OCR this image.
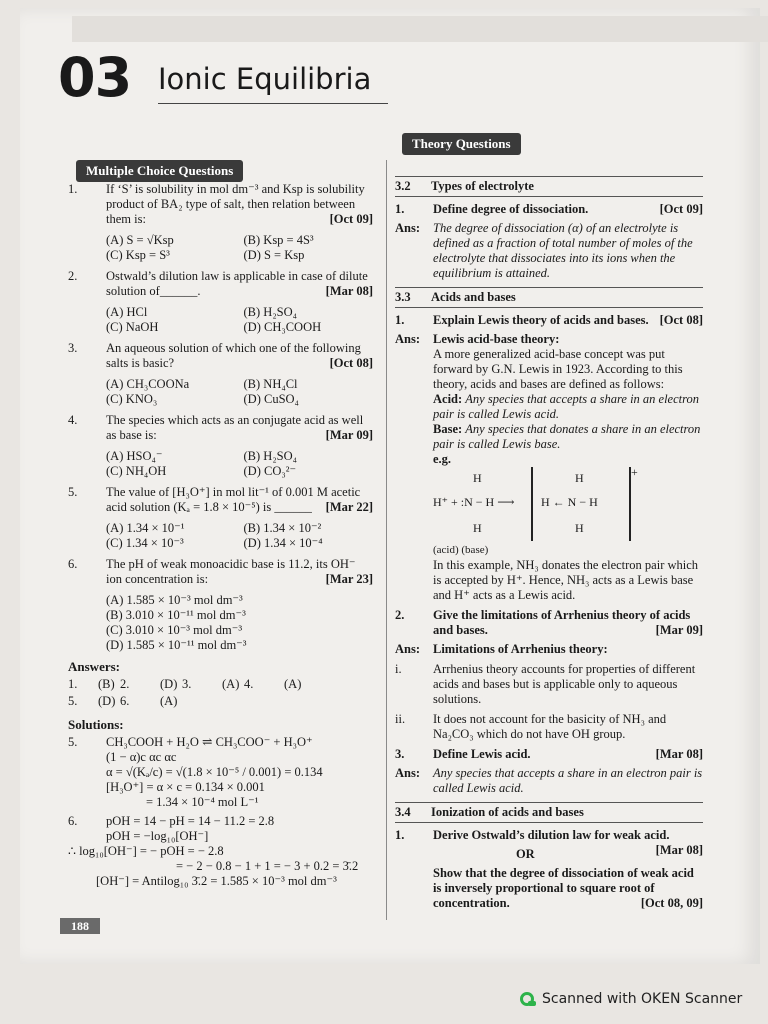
03 Ionic Equilibria
Multiple Choice Questions
Theory Questions
1. If ‘S’ is solubility in mol dm⁻³ and Ksp is solubility product of BA₂ type of salt, then relation between them is:	[Oct 09]
(A) S = √Ksp	(B) Ksp = 4S³
(C) Ksp = S³	(D) S = Ksp
2. Ostwald’s dilution law is applicable in case of dilute solution of______.	[Mar 08]
(A) HCl	(B) H₂SO₄
(C) NaOH	(D) CH₃COOH
3. An aqueous solution of which one of the following salts is basic?	[Oct 08]
(A) CH₃COONa	(B) NH₄Cl
(C) KNO₃	(D) CuSO₄
4. The species which acts as an conjugate acid as well as base is:	[Mar 09]
(A) HSO₄⁻	(B) H₂SO₄
(C) NH₄OH	(D) CO₃²⁻
5. The value of [H₃O⁺] in mol lit⁻¹ of 0.001 M acetic acid solution (Kₐ = 1.8 × 10⁻⁵) is ______ [Mar 22]
(A) 1.34 × 10⁻¹	(B) 1.34 × 10⁻²
(C) 1.34 × 10⁻³	(D) 1.34 × 10⁻⁴
6. The pH of weak monoacidic base is 11.2, its OH⁻ ion concentration is:	[Mar 23]
(A) 1.585 × 10⁻³ mol dm⁻³
(B) 3.010 × 10⁻¹¹ mol dm⁻³
(C) 3.010 × 10⁻³ mol dm⁻³
(D) 1.585 × 10⁻¹¹ mol dm⁻³
Answers:
1.	(B) 2.	(D) 3.	(A) 4.	(A)
5.	(D) 6.	(A)
Solutions:
5. CH₃COOH + H₂O ⇌ CH₃COO⁻ + H₃O⁺
(1 − α)c αc αc
α = √(Kₐ/c) = √(1.8 × 10⁻⁵ / 0.001) = 0.134
[H₃O⁺] = α × c = 0.134 × 0.001
= 1.34 × 10⁻⁴ mol L⁻¹
6. pOH = 14 − pH = 14 − 11.2 = 2.8
pOH = −log₁₀[OH⁻]
∴ log₁₀[OH⁻] = − pOH = − 2.8
= − 2 − 0.8 − 1 + 1 = − 3 + 0.2 = 3̄.2
[OH⁻] = Antilog₁₀ 3̄.2 = 1.585 × 10⁻³ mol dm⁻³
3.2 Types of electrolyte
1. Define degree of dissociation.	[Oct 09]
Ans: The degree of dissociation (α) of an electrolyte is defined as a fraction of total number of moles of the electrolyte that dissociates into its ions when the equilibrium is attained.
3.3 Acids and bases
1. Explain Lewis theory of acids and bases. [Oct 08]
Ans: Lewis acid-base theory:
A more generalized acid-base concept was put forward by G.N. Lewis in 1923. According to this theory, acids and bases are defined as follows:
Acid: Any species that accepts a share in an electron pair is called Lewis acid.
Base: Any species that donates a share in an electron pair is called Lewis base.
e.g.
H
H⁺ + :N − H ⟶
H
H
H ← N − H
H
+
(acid) (base)
In this example, NH₃ donates the electron pair which is accepted by H⁺. Hence, NH₃ acts as a Lewis base and H⁺ acts as a Lewis acid.
2. Give the limitations of Arrhenius theory of acids and bases.	[Mar 09]
Ans: Limitations of Arrhenius theory:
i.	Arrhenius theory accounts for properties of different acids and bases but is applicable only to aqueous solutions.
ii. It does not account for the basicity of NH₃ and Na₂CO₃ which do not have OH group.
3. Define Lewis acid.	[Mar 08]
Ans: Any species that accepts a share in an electron pair is called Lewis acid.
3.4 Ionization of acids and bases
1. Derive Ostwald’s dilution law for weak acid.
[Mar 08]
OR
Show that the degree of dissociation of weak acid is inversely proportional to square root of concentration.	[Oct 08, 09]
188
Scanned with OKEN Scanner
